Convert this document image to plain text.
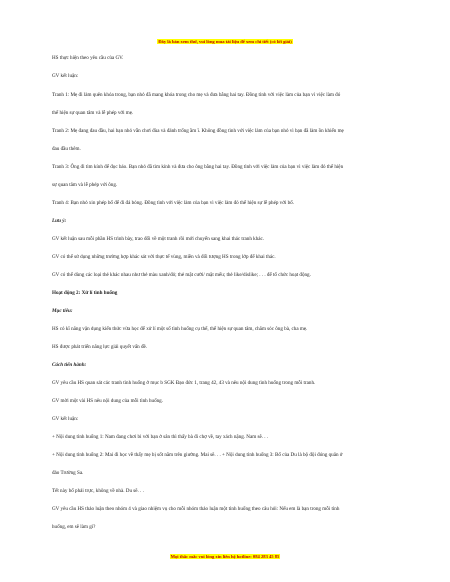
Đây là bản xem thử, vui lòng mua tài liệu để xem chi tiết (có lời giải)
HS thực hiện theo yêu cầu của GV.
GV kết luận:
Tranh 1: Mẹ đi làm quên khóa trong, bạn nhỏ đã mang khóa trong cho mẹ và đưa bằng hai tay. Đồng tình với việc làm của bạn vì việc làm đó
thể hiện sự quan tâm và lễ phép với mẹ.
Tranh 2: Mẹ đang đau đầu, hai bạn nhỏ vẫn chơi đùa và đánh trống ầm ĩ. Không đồng tình với việc làm của bạn nhỏ vì bạn đã làm ồn khiến mẹ
đau đầu thêm.
Tranh 3: Ông đi tìm kính để đọc báo. Bạn nhỏ đã tìm kính và đưa cho ông bằng hai tay. Đồng tình với việc làm của bạn vì việc làm đó thể hiện
sự quan tâm và lễ phép với ông.
Tranh 4: Bạn nhỏ xin phép bố để đi đá bóng. Đồng tình với việc làm của bạn vì việc làm đó thể hiện sự lễ phép với bố.
Lưu ý:
GV kết luận sau mỗi phần HS trình bày, trao đổi về một tranh rồi mới chuyển sang khai thác tranh khác.
GV có thể sử dụng những trường hợp khác sát với thực tế vùng, miền và đối tượng HS trong lớp để khai thác.
GV có thể dùng các loại thẻ khác nhau như thẻ màu xanh/đỏ; thẻ mặt cười/ mặt mếu; thẻ like/dislike; . . . để tổ chức hoạt động.
Hoạt động 2: Xử lí tình huống
Mục tiêu:
HS có kĩ năng vận dụng kiến thức vừa học để xử lí một số tình huống cụ thể, thể hiện sự quan tâm, chăm sóc ông bà, cha mẹ.
HS được phát triển năng lực giải quyết vấn đề.
Cách tiến hành:
GV yêu cầu HS quan sát các tranh tình huống ở mục b SGK Đạo đức 1, trang 42, 43 và nêu nội dung tình huống trong mỗi tranh.
GV mời một vài HS nêu nội dung của mỗi tình huống.
GV kết luận:
+ Nội dung tình huống 1: Nam đang chơi bi với bạn ở sân thì thấy bà đi chợ về, tay xách nặng. Nam sẽ. . .
+ Nội dung tình huống 2: Mai đi học về thấy mẹ bị sốt nằm trên giường. Mai sẽ. . . + Nội dung tình huống 3: Bố của Du là bộ đội đóng quân ở
đảo Trường Sa.
Tết này bố phải trực, không về nhà. Du sẽ. . .
GV yêu cầu HS thảo luận theo nhóm 4 và giao nhiệm vụ cho mỗi nhóm thảo luận một tình huống theo câu hỏi: Nếu em là bạn trong mỗi tình
huống, em sẽ làm gì?
Mọi thắc mắc vui lòng xin liên hệ hotline: 084 283 45 85
